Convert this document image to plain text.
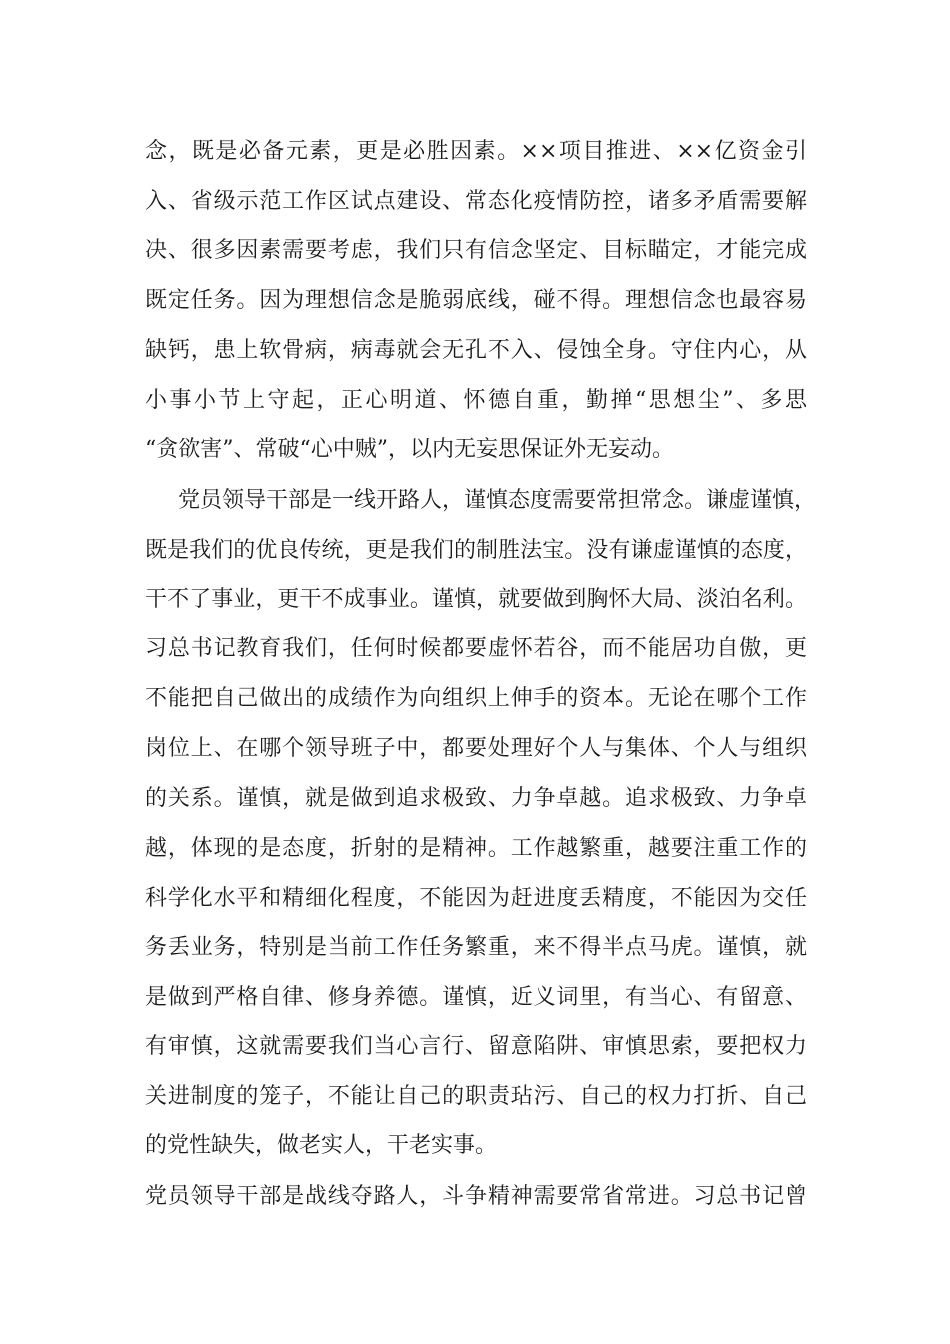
念，既是必备元素，更是必胜因素。××项目推进、××亿资金引

入、省级示范工作区试点建设、常态化疫情防控，诸多矛盾需要解

决、很多因素需要考虑，我们只有信念坚定、目标瞄定，才能完成

既定任务。因为理想信念是脆弱底线，碰不得。理想信念也最容易

缺钙，患上软骨病，病毒就会无孔不入、侵蚀全身。守住内心，从

小事小节上守起，正心明道、怀德自重，勤掸“思想尘”、多思

“贪欲害”、常破“心中贼”，以内无妄思保证外无妄动。

党员领导干部是一线开路人，谨慎态度需要常担常念。谦虚谨慎，

既是我们的优良传统，更是我们的制胜法宝。没有谦虚谨慎的态度，

干不了事业，更干不成事业。谨慎，就要做到胸怀大局、淡泊名利。

习总书记教育我们，任何时候都要虚怀若谷，而不能居功自傲，更

不能把自己做出的成绩作为向组织上伸手的资本。无论在哪个工作

岗位上、在哪个领导班子中，都要处理好个人与集体、个人与组织

的关系。谨慎，就是做到追求极致、力争卓越。追求极致、力争卓

越，体现的是态度，折射的是精神。工作越繁重，越要注重工作的

科学化水平和精细化程度，不能因为赶进度丢精度，不能因为交任

务丢业务，特别是当前工作任务繁重，来不得半点马虎。谨慎，就

是做到严格自律、修身养德。谨慎，近义词里，有当心、有留意、

有审慎，这就需要我们当心言行、留意陷阱、审慎思索，要把权力

关进制度的笼子，不能让自己的职责玷污、自己的权力打折、自己

的党性缺失，做老实人，干老实事。

党员领导干部是战线夺路人，斗争精神需要常省常进。习总书记曾
